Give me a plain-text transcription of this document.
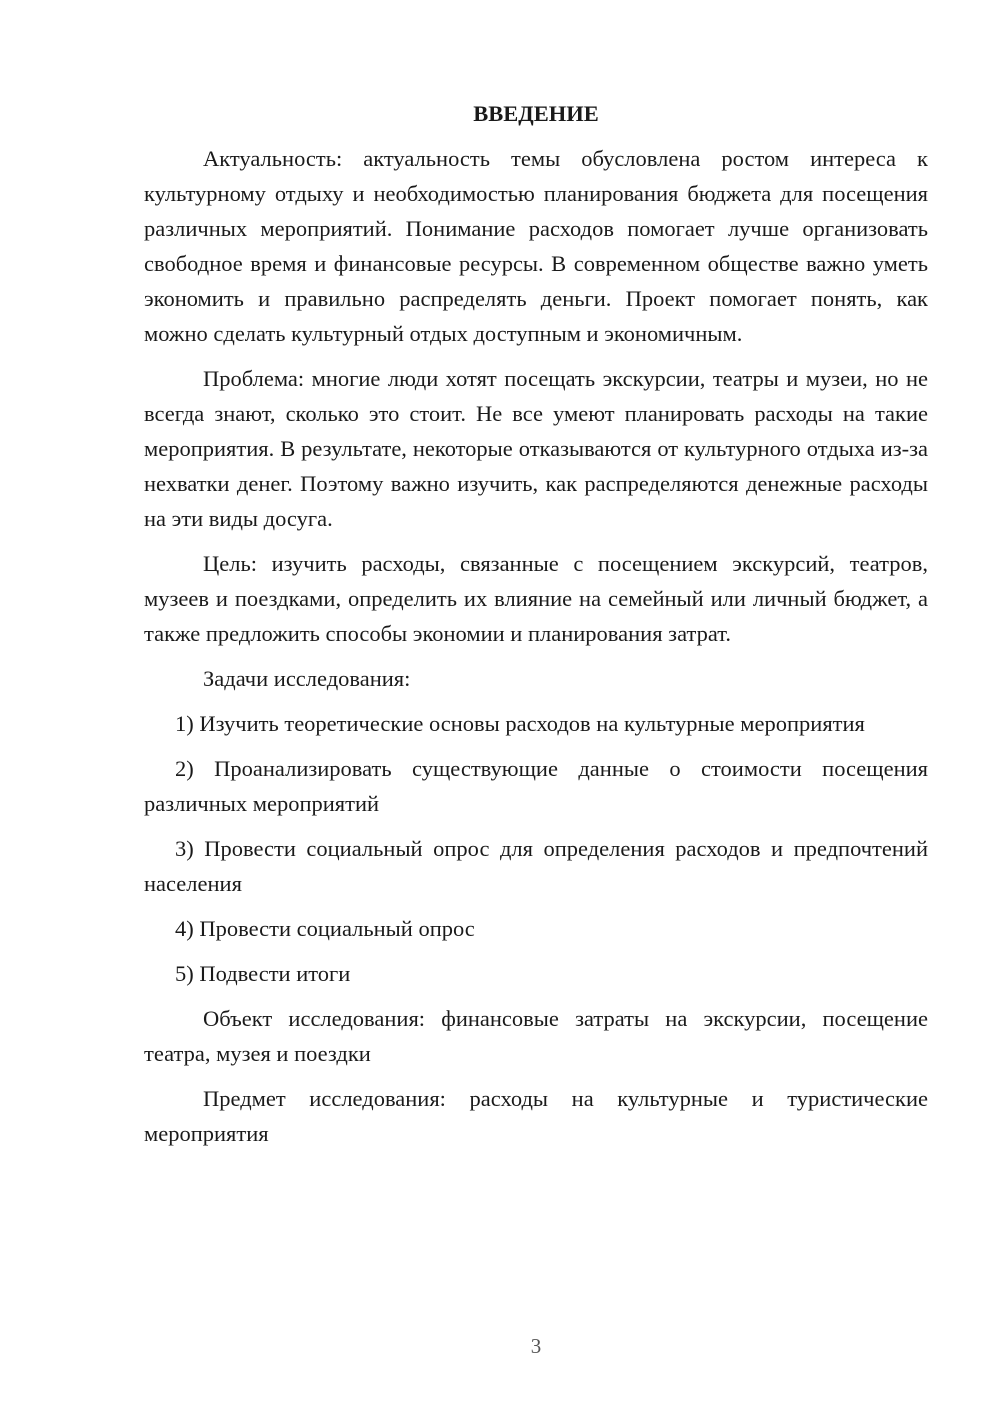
ВВЕДЕНИЕ

Актуальность: актуальность темы обусловлена ростом интереса к культурному отдыху и необходимостью планирования бюджета для посещения различных мероприятий. Понимание расходов помогает лучше организовать свободное время и финансовые ресурсы. В современном обществе важно уметь экономить и правильно распределять деньги. Проект помогает понять, как можно сделать культурный отдых доступным и экономичным.

Проблема: многие люди хотят посещать экскурсии, театры и музеи, но не всегда знают, сколько это стоит. Не все умеют планировать расходы на такие мероприятия. В результате, некоторые отказываются от культурного отдыха из-за нехватки денег. Поэтому важно изучить, как распределяются денежные расходы на эти виды досуга.

Цель: изучить расходы, связанные с посещением экскурсий, театров, музеев и поездками, определить их влияние на семейный или личный бюджет, а также предложить способы экономии и планирования затрат.

Задачи исследования:

1) Изучить теоретические основы расходов на культурные мероприятия

2) Проанализировать существующие данные о стоимости посещения различных мероприятий

3) Провести социальный опрос для определения расходов и предпочтений населения

4) Провести социальный опрос

5) Подвести итоги

Объект исследования: финансовые затраты на экскурсии, посещение театра, музея и поездки

Предмет исследования: расходы на культурные и туристические мероприятия

3
